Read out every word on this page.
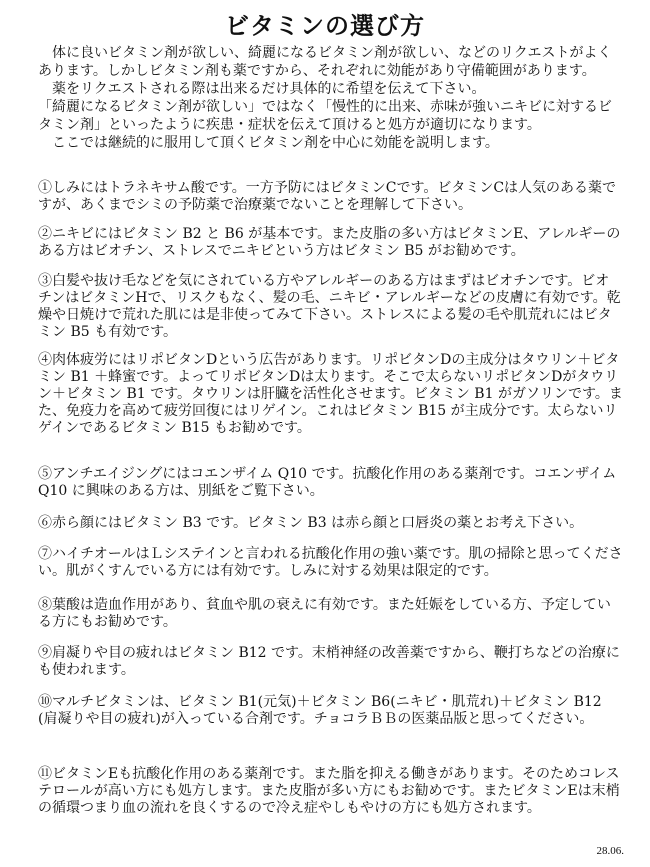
ビタミンの選び方

　体に良いビタミン剤が欲しい、綺麗になるビタミン剤が欲しい、などのリクエストがよくあります。しかしビタミン剤も薬ですから、それぞれに効能があり守備範囲があります。

　薬をリクエストされる際は出来るだけ具体的に希望を伝えて下さい。

「綺麗になるビタミン剤が欲しい」ではなく「慢性的に出来、赤味が強いニキビに対するビタミン剤」といったように疾患・症状を伝えて頂けると処方が適切になります。

　ここでは継続的に服用して頂くビタミン剤を中心に効能を説明します。

①しみにはトラネキサム酸です。一方予防にはビタミンCです。ビタミンCは人気のある薬ですが、あくまでシミの予防薬で治療薬でないことを理解して下さい。
②ニキビにはビタミン B2 と B6 が基本です。また皮脂の多い方はビタミンE、アレルギーのある方はビオチン、ストレスでニキビという方はビタミン B5 がお勧めです。
③白髪や抜け毛などを気にされている方やアレルギーのある方はまずはビオチンです。ビオチンはビタミンHで、リスクもなく、髪の毛、ニキビ・アレルギーなどの皮膚に有効です。乾燥や日焼けで荒れた肌には是非使ってみて下さい。ストレスによる髪の毛や肌荒れにはビタミン B5 も有効です。
④肉体疲労にはリポビタンDという広告があります。リポビタンDの主成分はタウリン＋ビタミン B1 ＋蜂蜜です。よってリポビタンDは太ります。そこで太らないリポビタンDがタウリン＋ビタミン B1 です。タウリンは肝臓を活性化させます。ビタミン B1 がガソリンです。また、免疫力を高めて疲労回復にはリゲイン。これはビタミン B15 が主成分です。太らないリゲインであるビタミン B15 もお勧めです。
⑤アンチエイジングにはコエンザイム Q10 です。抗酸化作用のある薬剤です。コエンザイム Q10 に興味のある方は、別紙をご覧下さい。
⑥赤ら顔にはビタミン B3 です。ビタミン B3 は赤ら顔と口唇炎の薬とお考え下さい。
⑦ハイチオールはＬシステインと言われる抗酸化作用の強い薬です。肌の掃除と思ってください。肌がくすんでいる方には有効です。しみに対する効果は限定的です。
⑧葉酸は造血作用があり、貧血や肌の衰えに有効です。また妊娠をしている方、予定している方にもお勧めです。
⑨肩凝りや目の疲れはビタミン B12 です。末梢神経の改善薬ですから、鞭打ちなどの治療にも使われます。
⑩マルチビタミンは、ビタミン B1(元気)＋ビタミン B6(ニキビ・肌荒れ)＋ビタミン B12 (肩凝りや目の疲れ)が入っている合剤です。チョコラＢＢの医薬品版と思ってください。
⑪ビタミンEも抗酸化作用のある薬剤です。また脂を抑える働きがあります。そのためコレステロールが高い方にも処方します。また皮脂が多い方にもお勧めです。またビタミンEは末梢の循環つまり血の流れを良くするので冷え症やしもやけの方にも処方されます。
28.06.
